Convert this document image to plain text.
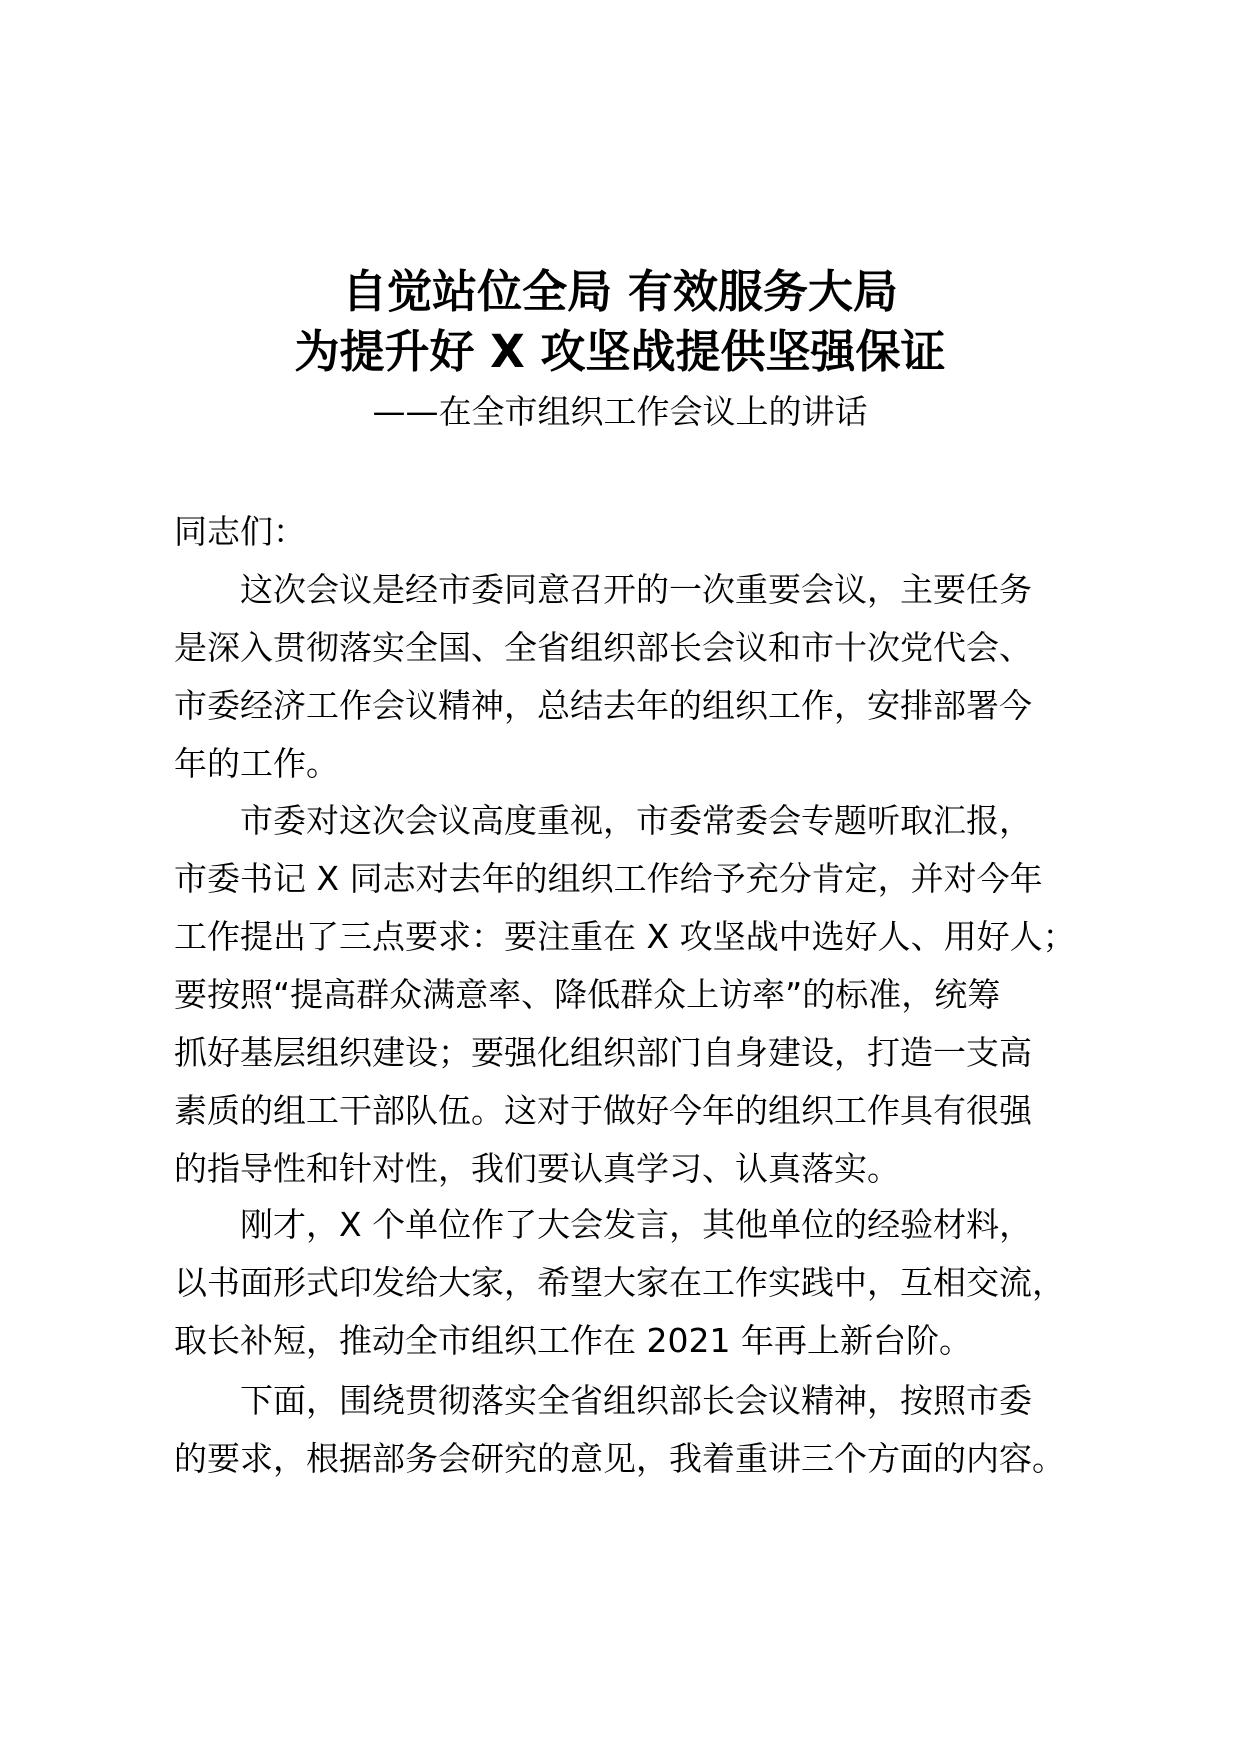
自觉站位全局 有效服务大局
为提升好 X 攻坚战提供坚强保证
——在全市组织工作会议上的讲话
同志们：
这次会议是经市委同意召开的一次重要会议，主要任务
是深入贯彻落实全国、全省组织部长会议和市十次党代会、
市委经济工作会议精神，总结去年的组织工作，安排部署今
年的工作。
市委对这次会议高度重视，市委常委会专题听取汇报，
市委书记 X 同志对去年的组织工作给予充分肯定，并对今年
工作提出了三点要求：要注重在 X 攻坚战中选好人、用好人；
要按照“提高群众满意率、降低群众上访率”的标准，统筹
抓好基层组织建设；要强化组织部门自身建设，打造一支高
素质的组工干部队伍。这对于做好今年的组织工作具有很强
的指导性和针对性，我们要认真学习、认真落实。
刚才，X 个单位作了大会发言，其他单位的经验材料，
以书面形式印发给大家，希望大家在工作实践中，互相交流，
取长补短，推动全市组织工作在 2021 年再上新台阶。
下面，围绕贯彻落实全省组织部长会议精神，按照市委
的要求，根据部务会研究的意见，我着重讲三个方面的内容。
